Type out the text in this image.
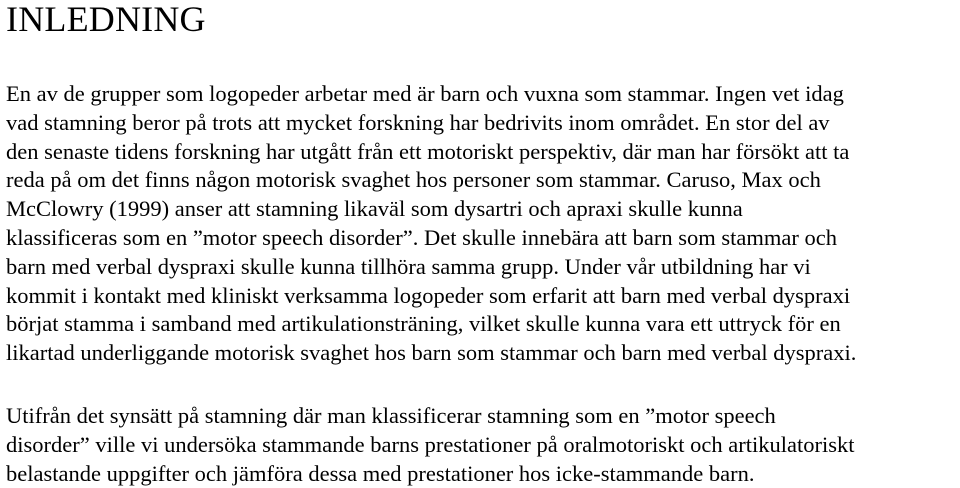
INLEDNING
En av de grupper som logopeder arbetar med är barn och vuxna som stammar. Ingen vet idag
vad stamning beror på trots att mycket forskning har bedrivits inom området. En stor del av
den senaste tidens forskning har utgått från ett motoriskt perspektiv, där man har försökt att ta
reda på om det finns någon motorisk svaghet hos personer som stammar. Caruso, Max och
McClowry (1999) anser att stamning likaväl som dysartri och apraxi skulle kunna
klassificeras som en ”motor speech disorder”. Det skulle innebära att barn som stammar och
barn med verbal dyspraxi skulle kunna tillhöra samma grupp. Under vår utbildning har vi
kommit i kontakt med kliniskt verksamma logopeder som erfarit att barn med verbal dyspraxi
börjat stamma i samband med artikulationsträning, vilket skulle kunna vara ett uttryck för en
likartad underliggande motorisk svaghet hos barn som stammar och barn med verbal dyspraxi.
Utifrån det synsätt på stamning där man klassificerar stamning som en ”motor speech
disorder” ville vi undersöka stammande barns prestationer på oralmotoriskt och artikulatoriskt
belastande uppgifter och jämföra dessa med prestationer hos icke-stammande barn.
